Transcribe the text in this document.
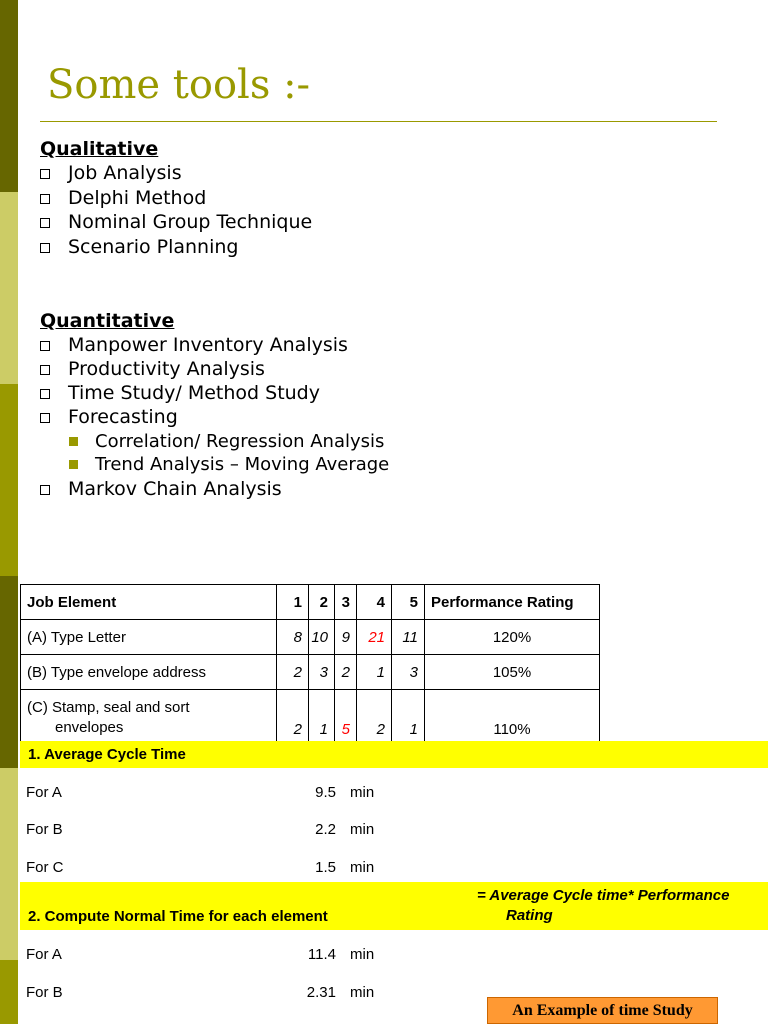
Some tools :-
Qualitative
Job Analysis
Delphi Method
Nominal Group Technique
Scenario Planning
Quantitative
Manpower Inventory Analysis
Productivity Analysis
Time Study/ Method Study
Forecasting
Correlation/ Regression Analysis
Trend Analysis – Moving Average
Markov Chain Analysis
Job Element	1	2	3	4	5	Performance Rating
(A) Type Letter	8	10	9	21	11	120%
(B) Type envelope address	2	3	2	1	3	105%
(C) Stamp, seal and sort
envelopes	2	1	5	2	1	110%
1. Average Cycle Time
For A	9.5 min
For B	2.2 min
For C	1.5 min
2. Compute Normal Time for each element
= Average Cycle time* Performance
Rating
For A	11.4 min
For B	2.31 min
An Example of time Study
